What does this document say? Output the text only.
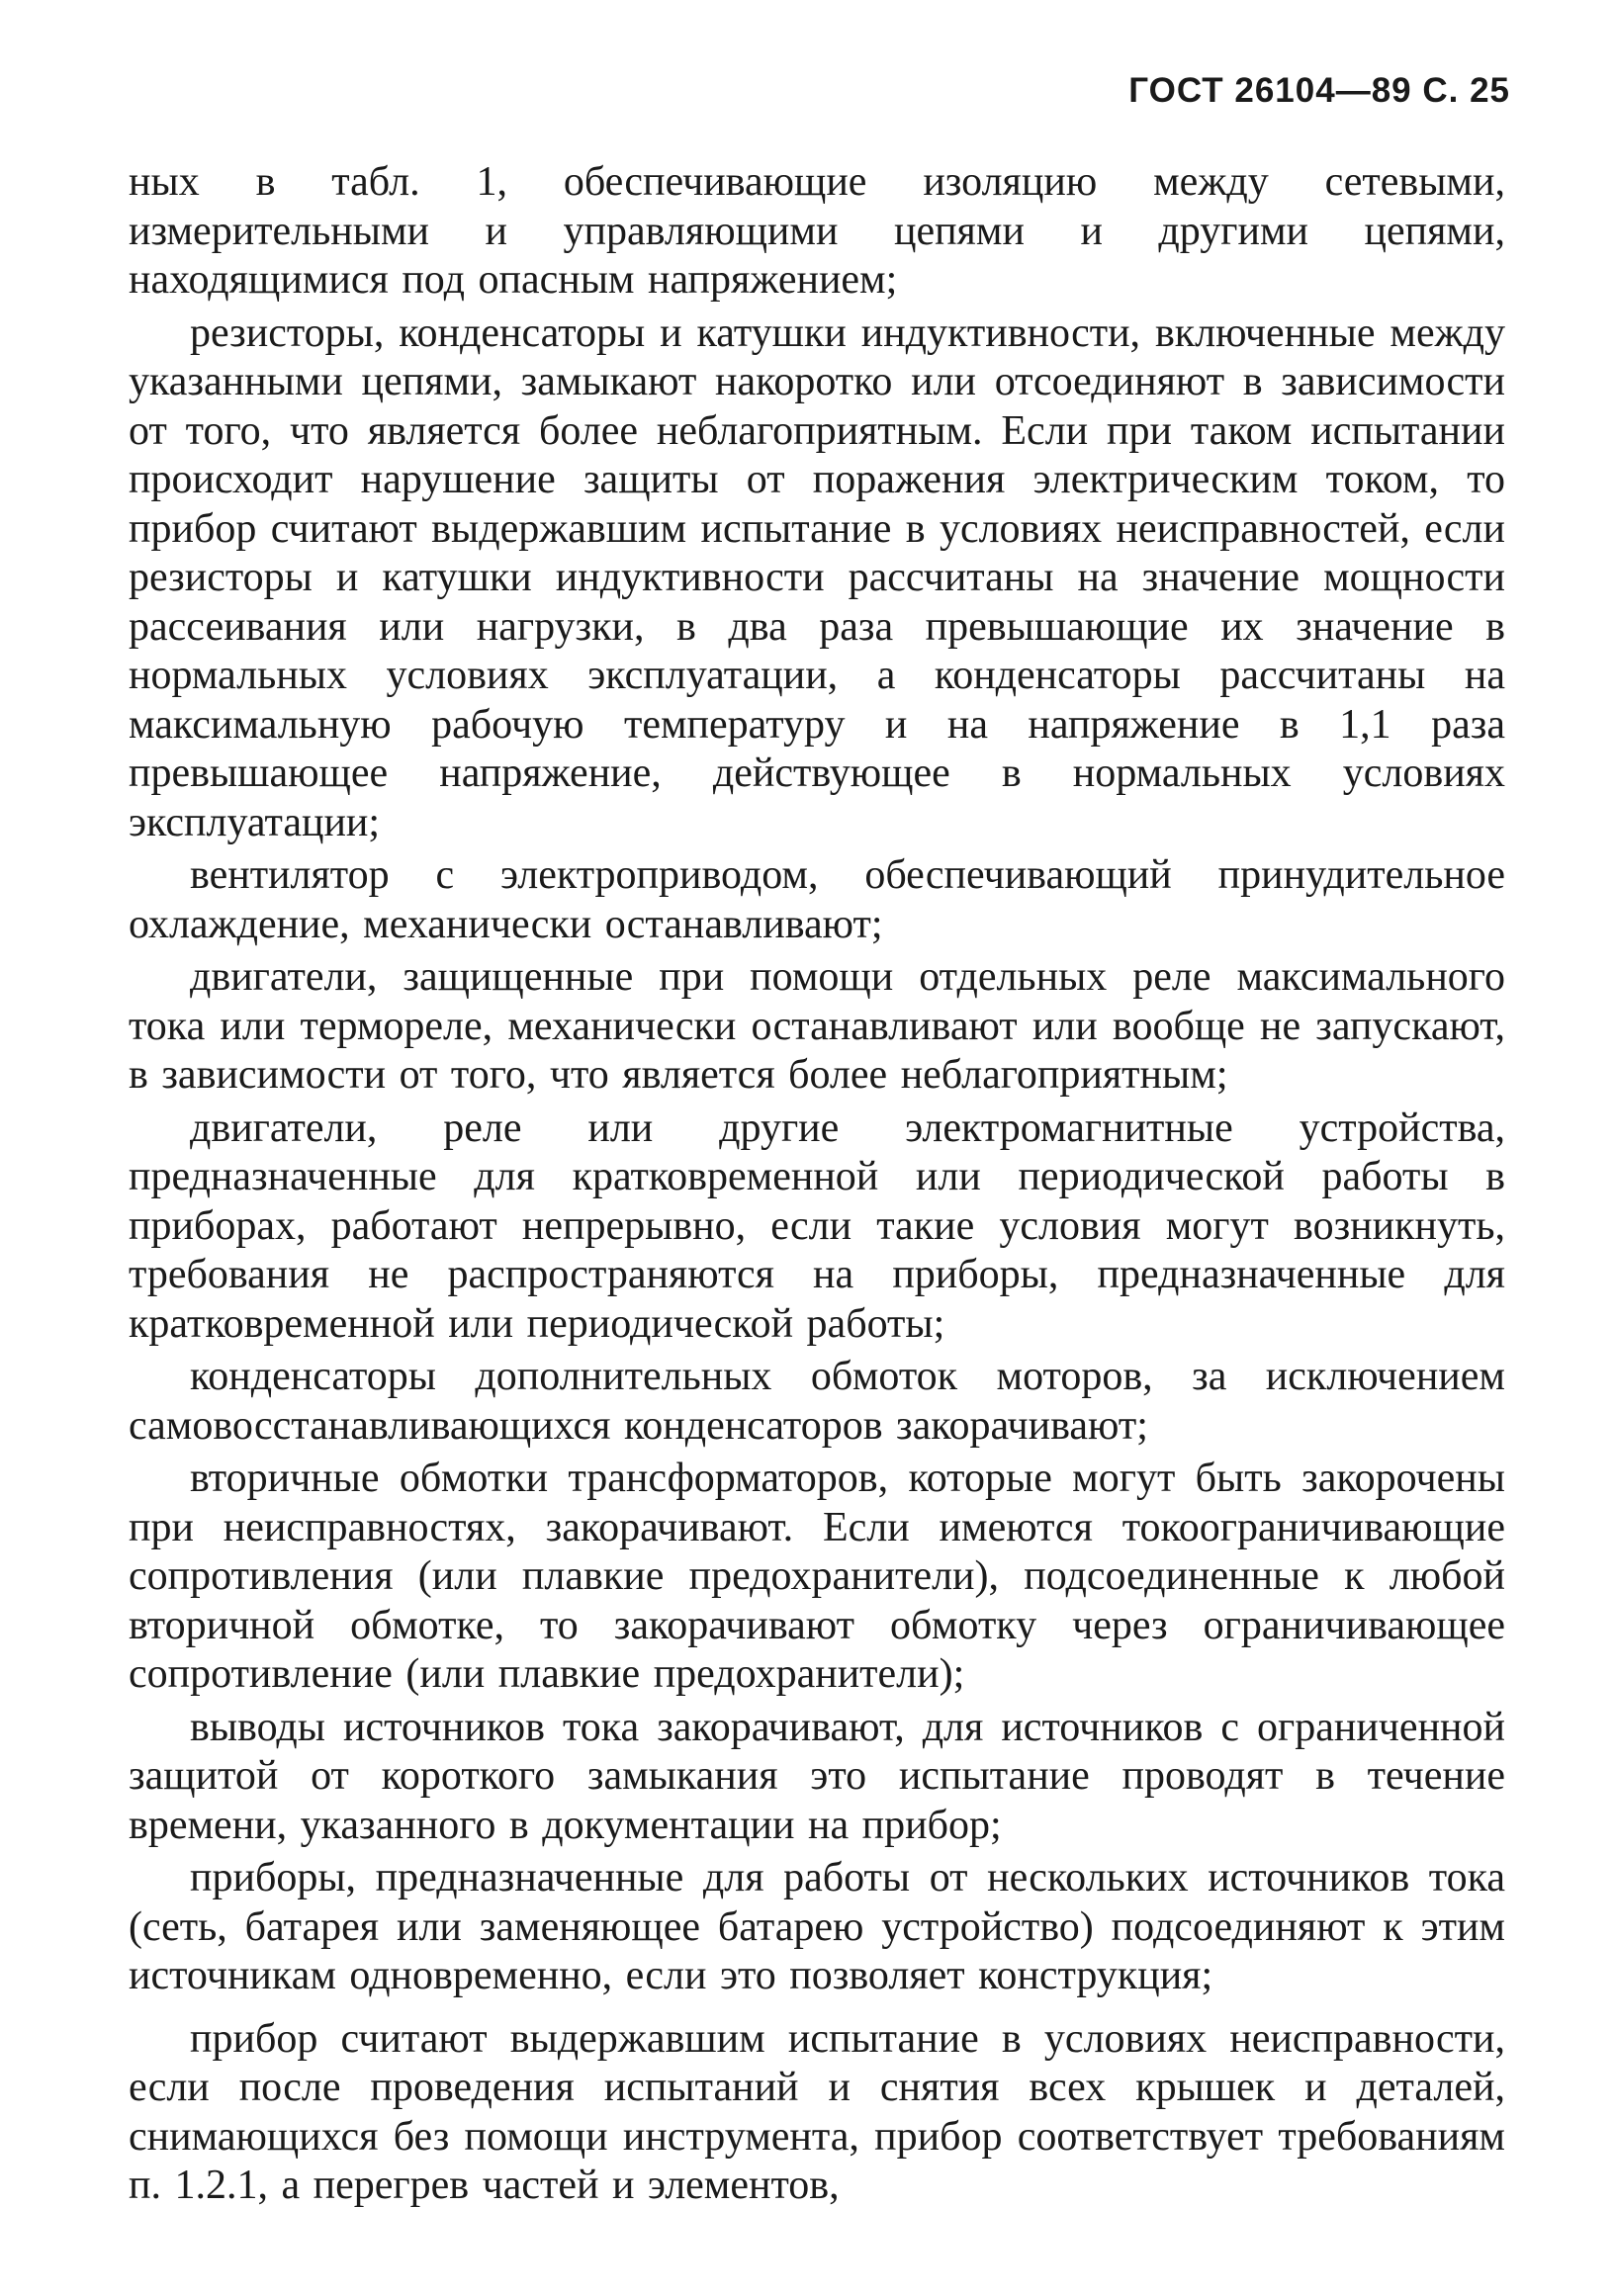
ГОСТ 26104—89 С. 25

ных в табл. 1, обеспечивающие изоляцию между сетевыми, измерительными и управляющими цепями и другими цепями, находящимися под опасным напряжением;

резисторы, конденсаторы и катушки индуктивности, включенные между указанными цепями, замыкают накоротко или отсоединяют в зависимости от того, что является более неблагоприятным. Если при таком испытании происходит нарушение защиты от поражения электрическим током, то прибор считают выдержавшим испытание в условиях неисправностей, если резисторы и катушки индуктивности рассчитаны на значение мощности рассеивания или нагрузки, в два раза превышающие их значение в нормальных условиях эксплуатации, а конденсаторы рассчитаны на максимальную рабочую температуру и на напряжение в 1,1 раза превышающее напряжение, действующее в нормальных условиях эксплуатации;

вентилятор с электроприводом, обеспечивающий принудительное охлаждение, механически останавливают;

двигатели, защищенные при помощи отдельных реле максимального тока или термореле, механически останавливают или вообще не запускают, в зависимости от того, что является более неблагоприятным;

двигатели, реле или другие электромагнитные устройства, предназначенные для кратковременной или периодической работы в приборах, работают непрерывно, если такие условия могут возникнуть, требования не распространяются на приборы, предназначенные для кратковременной или периодической работы;

конденсаторы дополнительных обмоток моторов, за исключением самовосстанавливающихся конденсаторов закорачивают;

вторичные обмотки трансформаторов, которые могут быть закорочены при неисправностях, закорачивают. Если имеются токоограничивающие сопротивления (или плавкие предохранители), подсоединенные к любой вторичной обмотке, то закорачивают обмотку через ограничивающее сопротивление (или плавкие предохранители);

выводы источников тока закорачивают, для источников с ограниченной защитой от короткого замыкания это испытание проводят в течение времени, указанного в документации на прибор;

приборы, предназначенные для работы от нескольких источников тока (сеть, батарея или заменяющее батарею устройство) подсоединяют к этим источникам одновременно, если это позволяет конструкция;

прибор считают выдержавшим испытание в условиях неисправности, если после проведения испытаний и снятия всех крышек и деталей, снимающихся без помощи инструмента, прибор соответствует требованиям п. 1.2.1, а перегрев частей и элементов,
